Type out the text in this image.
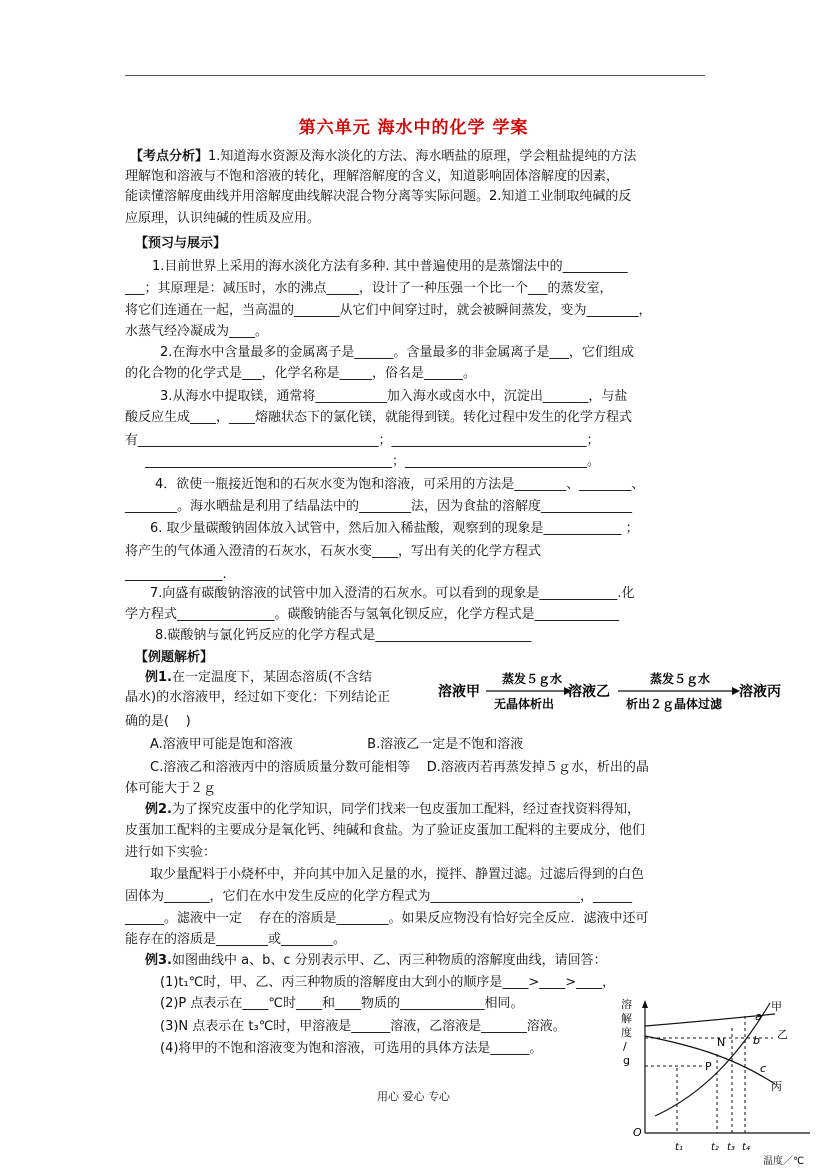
第六单元 海水中的化学 学案
【考点分析】1.知道海水资源及海水淡化的方法、海水晒盐的原理，学会粗盐提纯的方法
理解饱和溶液与不饱和溶液的转化，理解溶解度的含义，知道影响固体溶解度的因素，
能读懂溶解度曲线并用溶解度曲线解决混合物分离等实际问题。2.知道工业制取纯碱的反
应原理，认识纯碱的性质及应用。
【预习与展示】
1.目前世界上采用的海水淡化方法有多种. 其中普遍使用的是蒸馏法中的__________
___；其原理是：减压时，水的沸点_____，设计了一种压强一个比一个___的蒸发室，
将它们连通在一起，当高温的_______从它们中间穿过时，就会被瞬间蒸发，变为________，
水蒸气经冷凝成为____。
2.在海水中含量最多的金属离子是______。含量最多的非金属离子是___，它们组成
的化合物的化学式是___，化学名称是_____，俗名是______。
3.从海水中提取镁，通常将___________加入海水或卤水中，沉淀出_______，与盐
酸反应生成____，____熔融状态下的氯化镁，就能得到镁。转化过程中发生的化学方程式
有_____________________________________；______________________________；
______________________________________；____________________________。
4．欲使一瓶接近饱和的石灰水变为饱和溶液，可采用的方法是________、________、
________。海水晒盐是利用了结晶法中的________法，因为食盐的溶解度______________
6. 取少量碳酸钠固体放入试管中，然后加入稀盐酸，观察到的现象是____________ ；
将产生的气体通入澄清的石灰水，石灰水变____，写出有关的化学方程式
_______________.
7.向盛有碳酸钠溶液的试管中加入澄清的石灰水。可以看到的现象是____________.化
学方程式_______________。碳酸钠能否与氢氧化钡反应，化学方程式是_____________
8.碳酸钠与氯化钙反应的化学方程式是________________________
【例题解析】
例1.在一定温度下，某固态溶质(不含结
晶水)的水溶液甲，经过如下变化：下列结论正
确的是(    )
A.溶液甲可能是饱和溶液                  B.溶液乙一定是不饱和溶液
C.溶液乙和溶液丙中的溶质质量分数可能相等    D.溶液丙若再蒸发掉５ｇ水，析出的晶
体可能大于２ｇ
例2.为了探究皮蛋中的化学知识，同学们找来一包皮蛋加工配料，经过查找资料得知，
皮蛋加工配料的主要成分是氧化钙、纯碱和食盐。为了验证皮蛋加工配料的主要成分，他们
进行如下实验：
取少量配料于小烧杯中，并向其中加入足量的水，搅拌、静置过滤。过滤后得到的白色
固体为_______，它们在水中发生反应的化学方程式为_______________________，______
______。滤液中一定    存在的溶质是________。如果反应物没有恰好完全反应．滤液中还可
能存在的溶质是________或________。
例3.如图曲线中 a、b、c 分别表示甲、乙、丙三种物质的溶解度曲线，请回答：
(1)t₁℃时，甲、乙、丙三种物质的溶解度由大到小的顺序是____>____>____，
(2)P 点表示在____℃时____和____物质的_____________相同。
(3)N 点表示在 t₃℃时，甲溶液是______溶液，乙溶液是_______溶液。
(4)将甲的不饱和溶液变为饱和溶液，可选用的具体方法是______。
溶液甲
蒸发５ｇ水
无晶体析出
溶液乙
蒸发５ｇ水
析出２ｇ晶体过滤
溶液丙
溶
解
度
/
g
O
温度／℃
t₁	t₂ t₃ t₄
a
b
c
甲
乙
丙
N
P
用心 爱心 专心
